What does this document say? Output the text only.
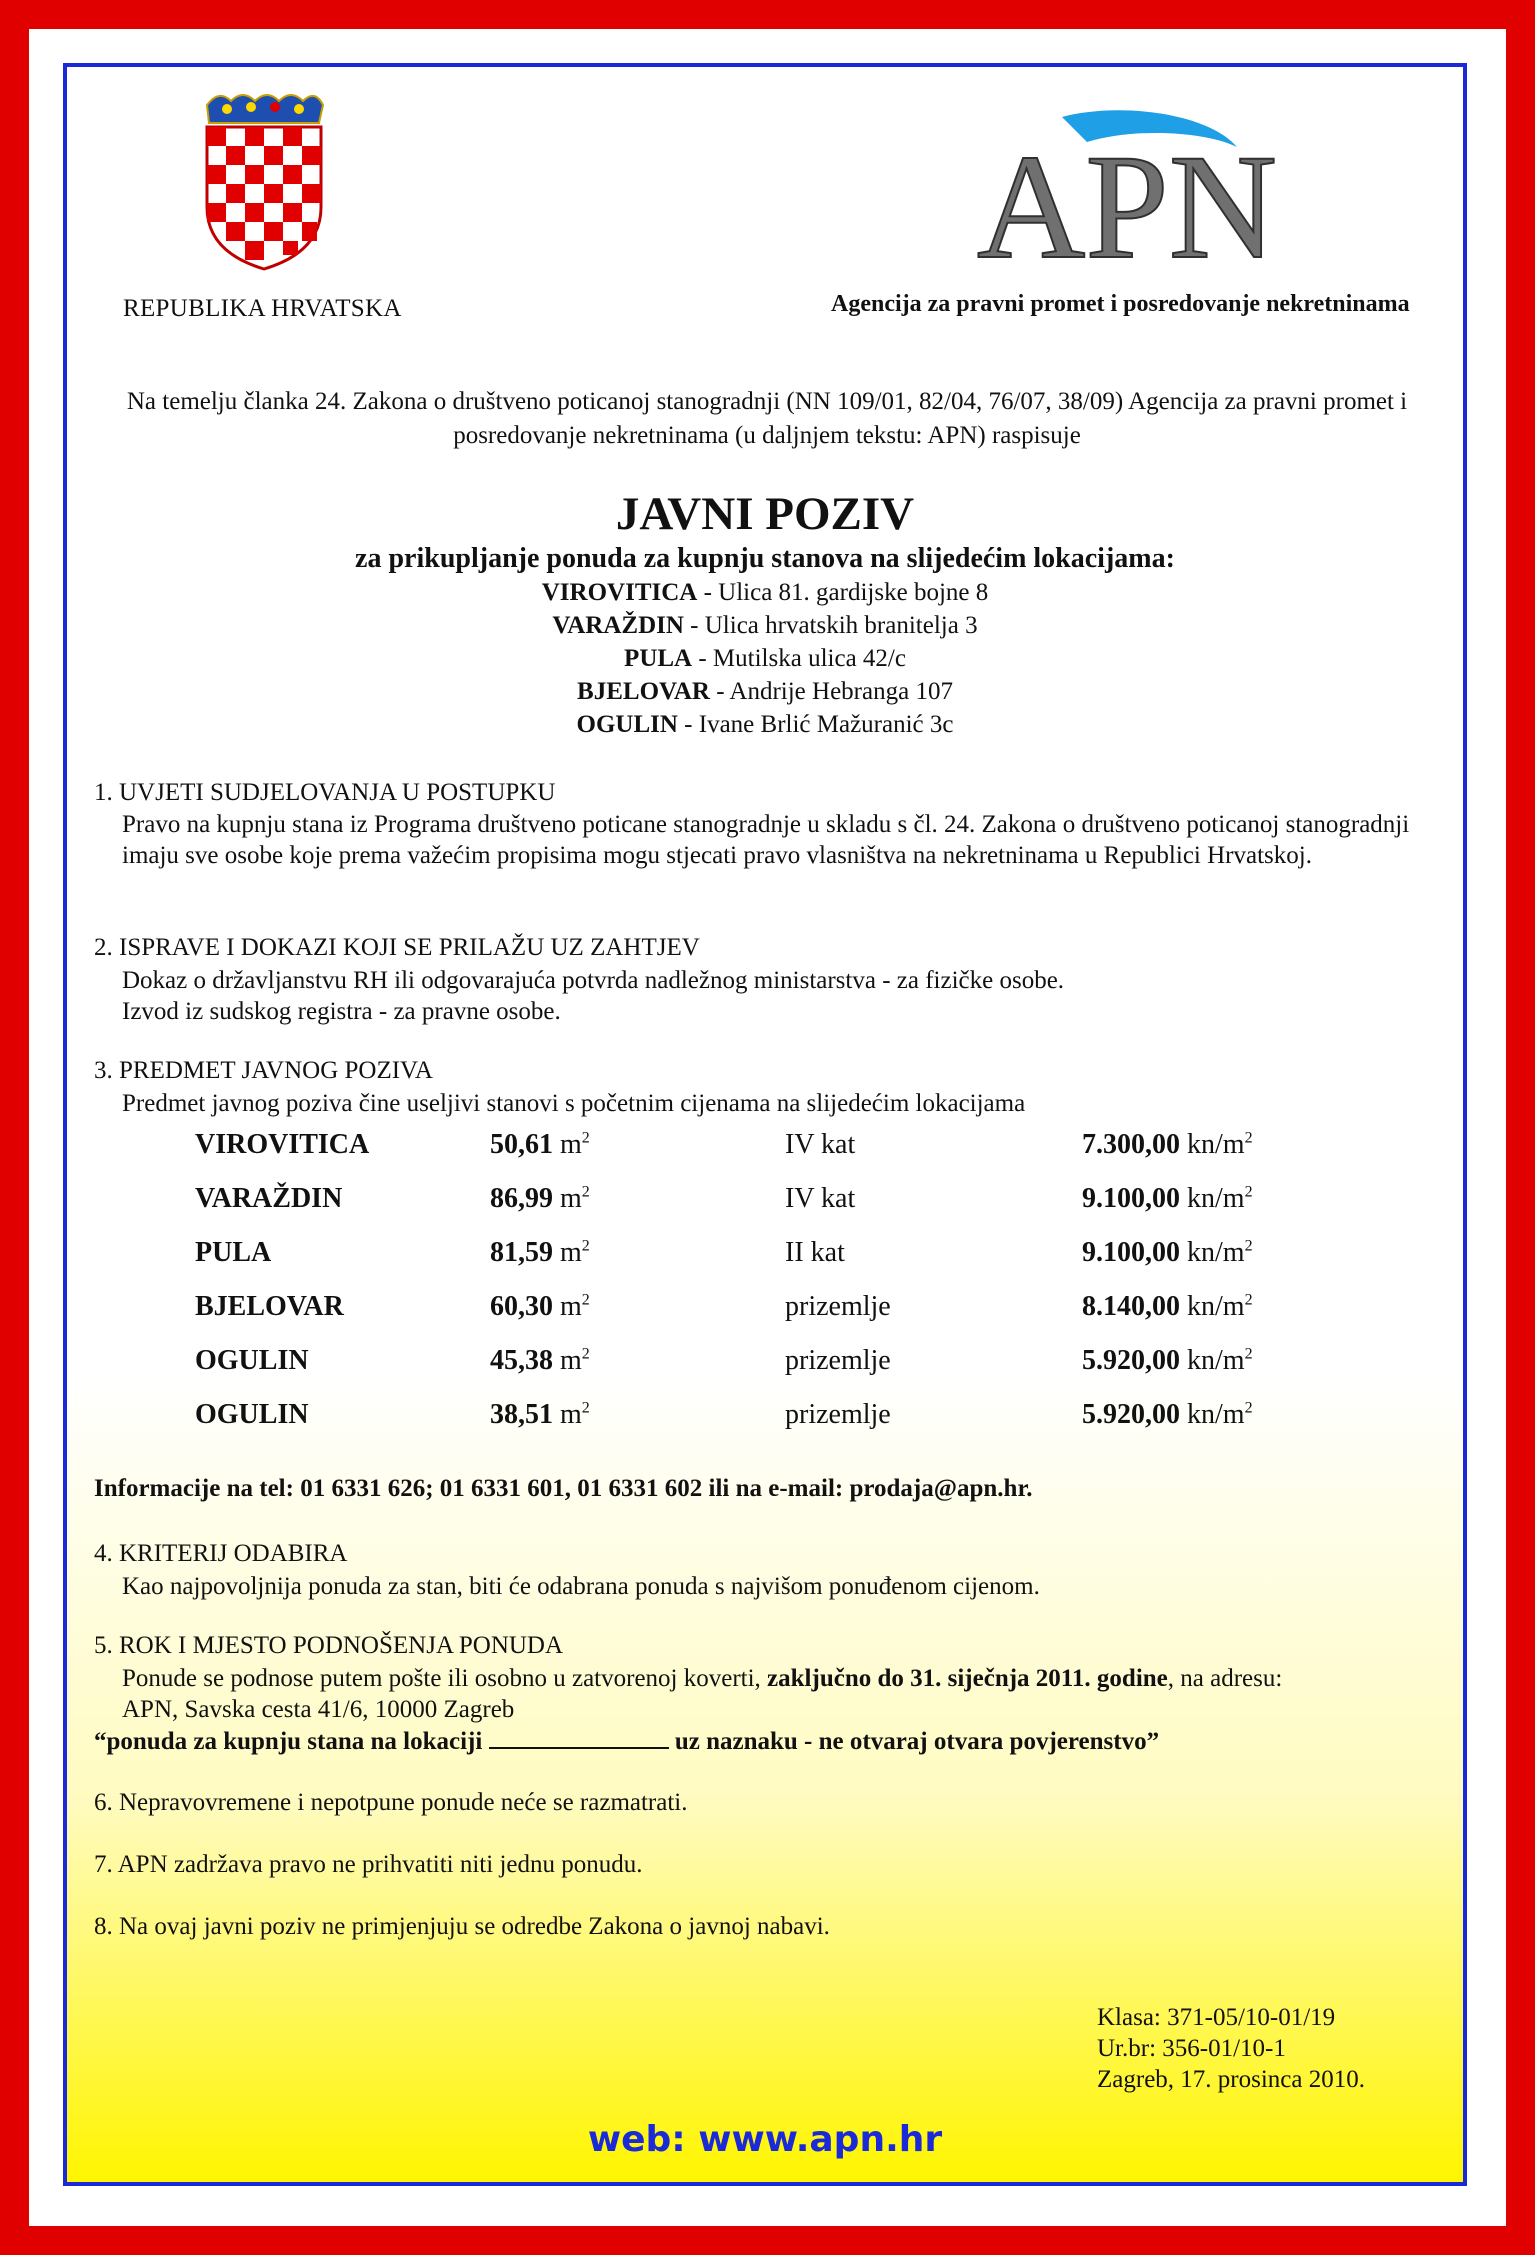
REPUBLIKA HRVATSKA
APN
Agencija za pravni promet i posredovanje nekretninama
Na temelju članka 24. Zakona o društveno poticanoj stanogradnji (NN 109/01, 82/04, 76/07, 38/09) Agencija za pravni promet i posredovanje nekretninama (u daljnjem tekstu: APN) raspisuje
JAVNI POZIV
za prikupljanje ponuda za kupnju stanova na slijedećim lokacijama:
VIROVITICA - Ulica 81. gardijske bojne 8
VARAŽDIN - Ulica hrvatskih branitelja 3
PULA - Mutilska ulica 42/c
BJELOVAR - Andrije Hebranga 107
OGULIN - Ivane Brlić Mažuranić 3c
1. UVJETI SUDJELOVANJA U POSTUPKU
Pravo na kupnju stana iz Programa društveno poticane stanogradnje u skladu s čl. 24. Zakona o društveno poticanoj stanogradnji imaju sve osobe koje prema važećim propisima mogu stjecati pravo vlasništva na nekretninama u Republici Hrvatskoj.
2. ISPRAVE I DOKAZI KOJI SE PRILAŽU UZ ZAHTJEV
Dokaz o državljanstvu RH ili odgovarajuća potvrda nadležnog ministarstva - za fizičke osobe.
Izvod iz sudskog registra - za pravne osobe.
3. PREDMET JAVNOG POZIVA
Predmet javnog poziva čine useljivi stanovi s početnim cijenama na slijedećim lokacijama
VIROVITICA	50,61 $m^2$	IV kat	7.300,00 $kn/m^2$
VARAŽDIN	86,99 $m^2$	IV kat	9.100,00 $kn/m^2$
PULA	81,59 $m^2$	II kat	9.100,00 $kn/m^2$
BJELOVAR	60,30 $m^2$	prizemlje	8.140,00 $kn/m^2$
OGULIN	45,38 $m^2$	prizemlje	5.920,00 $kn/m^2$
OGULIN	38,51 $m^2$	prizemlje	5.920,00 $kn/m^2$
Informacije na tel: 01 6331 626; 01 6331 601, 01 6331 602 ili na e-mail: prodaja@apn.hr.
4. KRITERIJ ODABIRA
Kao najpovoljnija ponuda za stan, biti će odabrana ponuda s najvišom ponuđenom cijenom.
5. ROK I MJESTO PODNOŠENJA PONUDA
Ponude se podnose putem pošte ili osobno u zatvorenoj koverti, zaključno do 31. siječnja 2011. godine, na adresu:
APN, Savska cesta 41/6, 10000 Zagreb
“ponuda za kupnju stana na lokaciji	uz naznaku - ne otvaraj otvara povjerenstvo”
6. Nepravovremene i nepotpune ponude neće se razmatrati.
7. APN zadržava pravo ne prihvatiti niti jednu ponudu.
8. Na ovaj javni poziv ne primjenjuju se odredbe Zakona o javnoj nabavi.
Klasa: 371-05/10-01/19
Ur.br: 356-01/10-1
Zagreb, 17. prosinca 2010.
web: www.apn.hr
